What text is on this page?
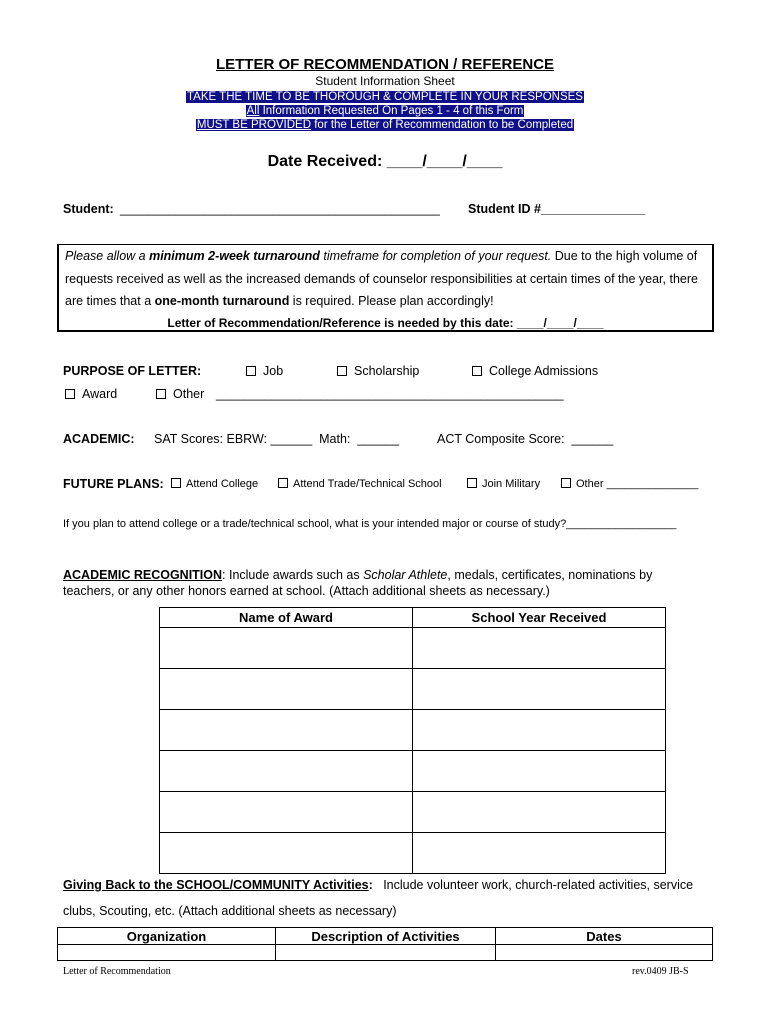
LETTER OF RECOMMENDATION / REFERENCE
Student Information Sheet
TAKE THE TIME TO BE THOROUGH & COMPLETE IN YOUR RESPONSES
All Information Requested On Pages 1 - 4 of this Form
MUST BE PROVIDED for the Letter of Recommendation to be Completed
Date Received: ____/____/____
Student: ______________________________________________ Student ID #_______________

Please allow a minimum 2-week turnaround timeframe for completion of your request. Due to the high volume of

requests received as well as the increased demands of counselor responsibilities at certain times of the year, there

are times that a one-month turnaround is required. Please plan accordingly!

Letter of Recommendation/Reference is needed by this date: ____/____/____

PURPOSE OF LETTER:	Job	Scholarship	College Admissions
Award	Other __________________________________________________
ACADEMIC: SAT Scores: EBRW: ______  Math:  ______	ACT Composite Score:  ______
FUTURE PLANS:	Attend College	Attend Trade/Technical School	Join Military	Other _______________
If you plan to attend college or a trade/technical school, what is your intended major or course of study?__________________
ACADEMIC RECOGNITION: Include awards such as Scholar Athlete, medals, certificates, nominations by
teachers, or any other honors earned at school. (Attach additional sheets as necessary.)
Name of Award	School Year Received

Giving Back to the SCHOOL/COMMUNITY Activities:   Include volunteer work, church-related activities, service
clubs, Scouting, etc. (Attach additional sheets as necessary)
Organization	Description of Activities	Dates

Letter of Recommendation	rev.0409 JB-S
